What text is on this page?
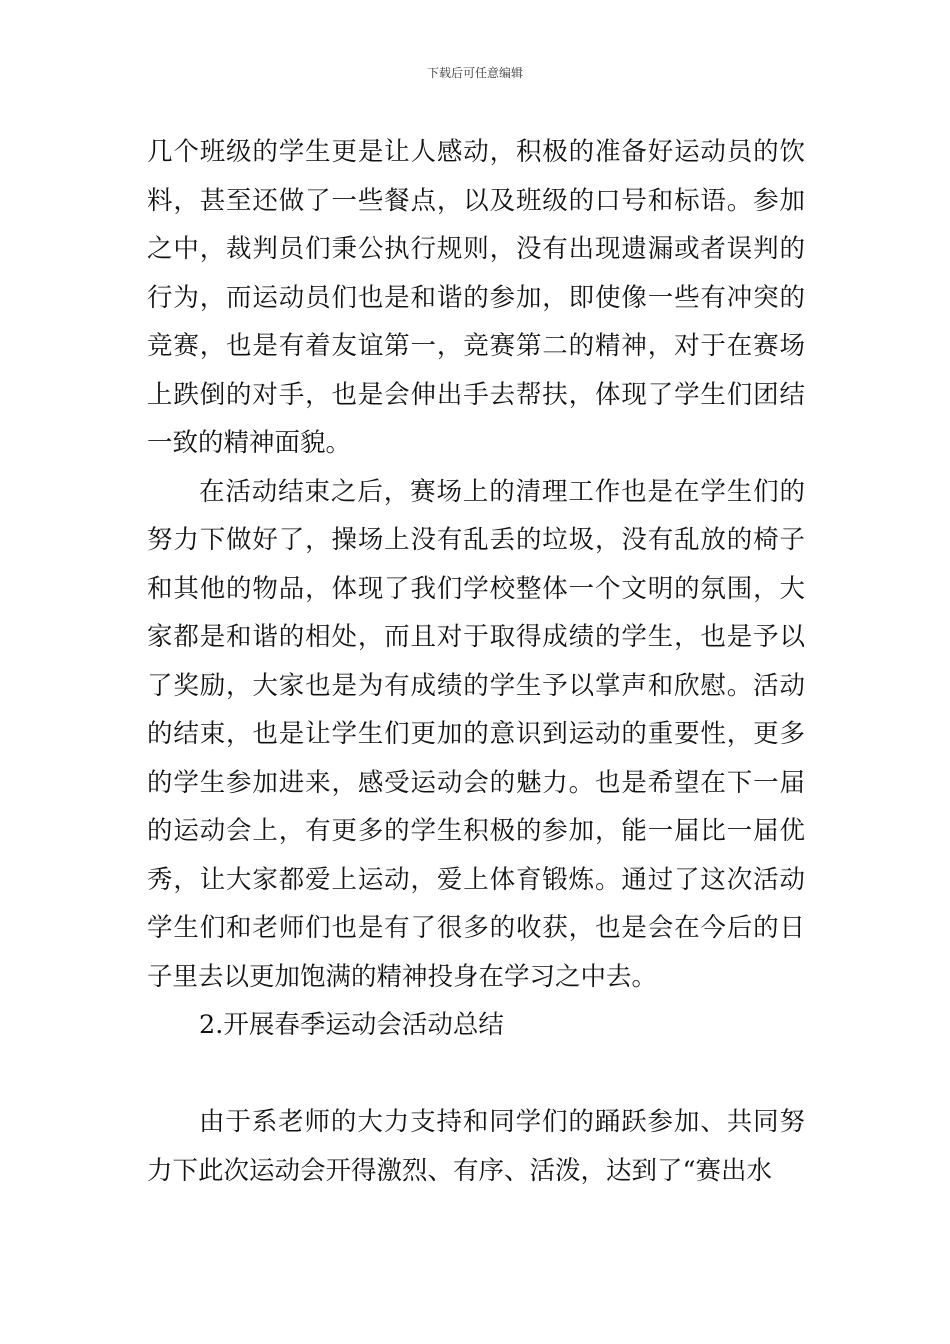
下载后可任意编辑

几个班级的学生更是让人感动，积极的准备好运动员的饮料，甚至还做了一些餐点，以及班级的口号和标语。参加之中，裁判员们秉公执行规则，没有出现遗漏或者误判的行为，而运动员们也是和谐的参加，即使像一些有冲突的竞赛，也是有着友谊第一，竞赛第二的精神，对于在赛场上跌倒的对手，也是会伸出手去帮扶，体现了学生们团结一致的精神面貌。

在活动结束之后，赛场上的清理工作也是在学生们的努力下做好了，操场上没有乱丢的垃圾，没有乱放的椅子和其他的物品，体现了我们学校整体一个文明的氛围，大家都是和谐的相处，而且对于取得成绩的学生，也是予以了奖励，大家也是为有成绩的学生予以掌声和欣慰。活动的结束，也是让学生们更加的意识到运动的重要性，更多的学生参加进来，感受运动会的魅力。也是希望在下一届的运动会上，有更多的学生积极的参加，能一届比一届优秀，让大家都爱上运动，爱上体育锻炼。通过了这次活动学生们和老师们也是有了很多的收获，也是会在今后的日子里去以更加饱满的精神投身在学习之中去。

2.开展春季运动会活动总结

由于系老师的大力支持和同学们的踊跃参加、共同努力下此次运动会开得激烈、有序、活泼，达到了“赛出水
